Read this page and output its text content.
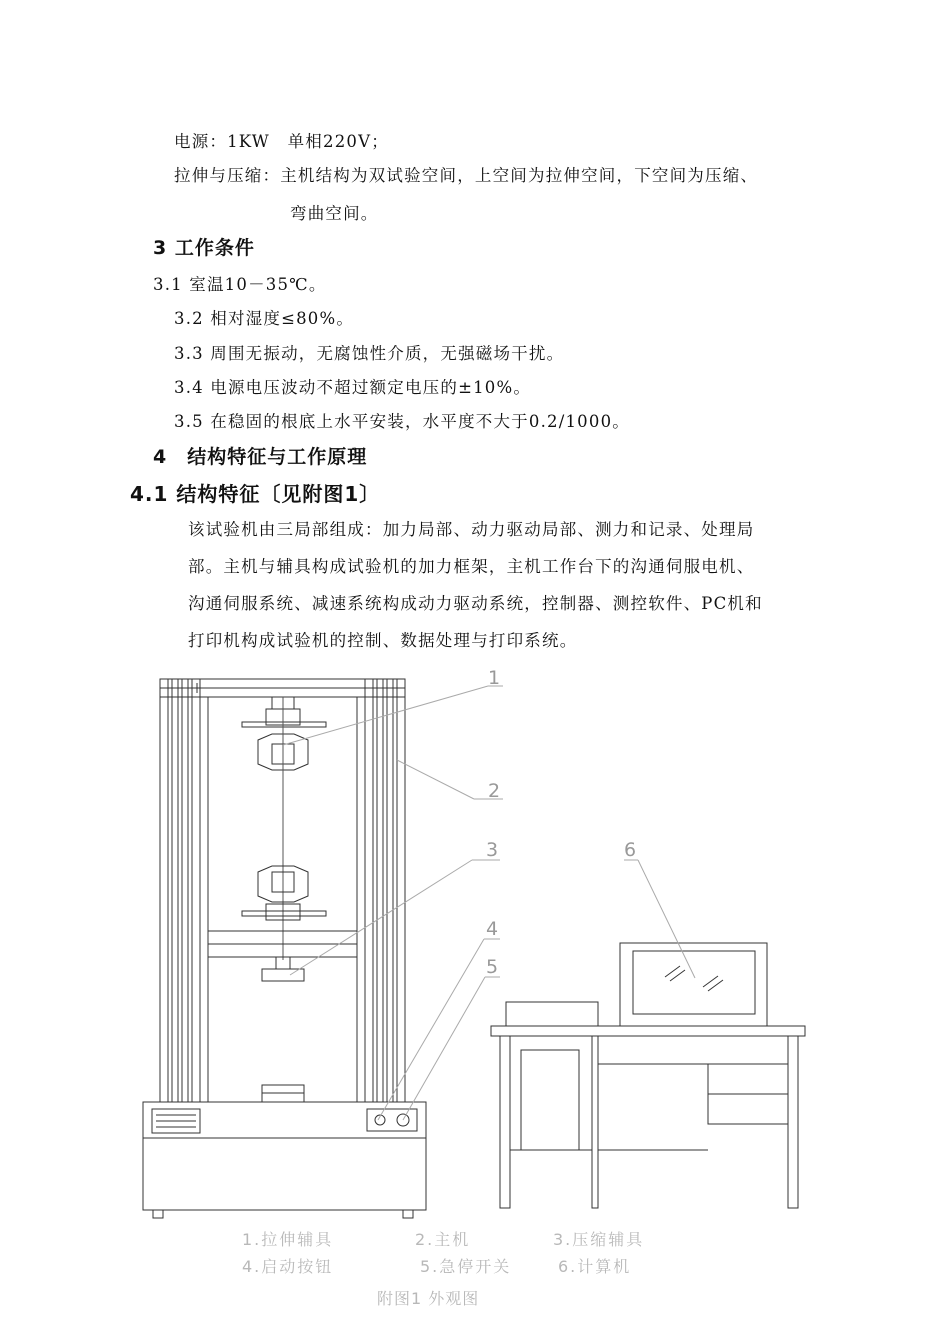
电源：1KW　单相220V；
拉伸与压缩：主机结构为双试验空间，上空间为拉伸空间，下空间为压缩、
弯曲空间。
3 工作条件
3.1 室温10－35℃。
3.2 相对湿度≤80%。
3.3 周围无振动，无腐蚀性介质，无强磁场干扰。
3.4 电源电压波动不超过额定电压的±10%。
3.5 在稳固的根底上水平安装，水平度不大于0.2/1000。
4　结构特征与工作原理
4.1 结构特征〔见附图1〕
该试验机由三局部组成：加力局部、动力驱动局部、测力和记录、处理局
部。主机与辅具构成试验机的加力框架，主机工作台下的沟通伺服电机、
沟通伺服系统、减速系统构成动力驱动系统，控制器、测控软件、PC机和
打印机构成试验机的控制、数据处理与打印系统。
1
2
3
4
5
6
1.拉伸辅具	2.主机	3.压缩辅具
4.启动按钮	5.急停开关	6.计算机
附图1 外观图
